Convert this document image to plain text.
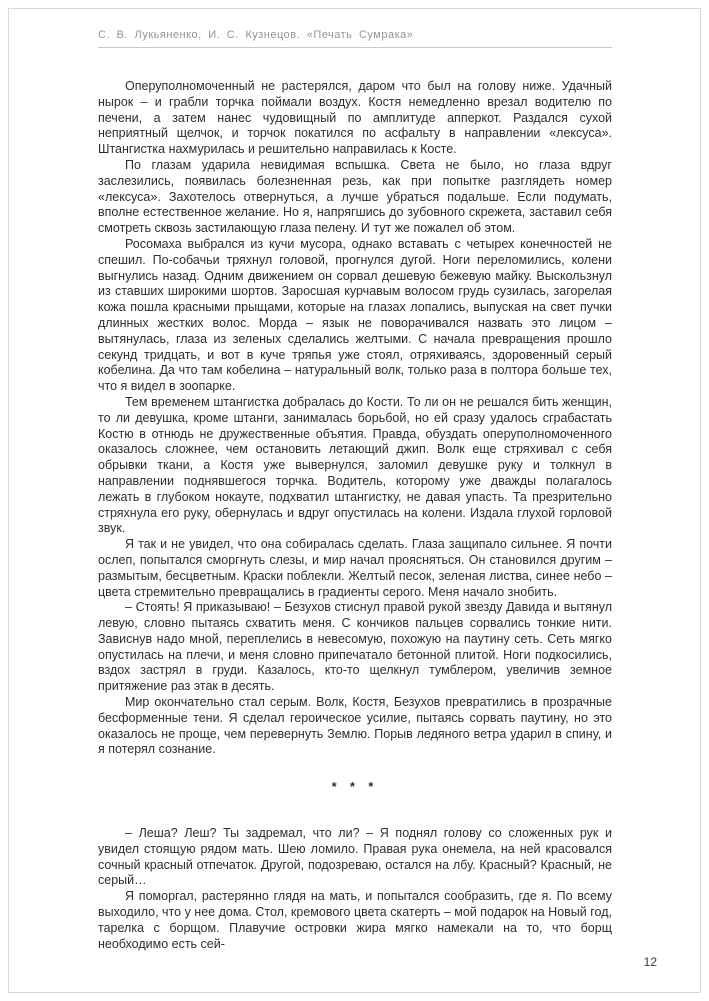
С. В. Лукьяненко, И. С. Кузнецов. «Печать Сумрака»

Оперуполномоченный не растерялся, даром что был на голову ниже. Удачный нырок – и грабли торчка поймали воздух. Костя немедленно врезал водителю по печени, а затем нанес чудовищный по амплитуде апперкот. Раздался сухой неприятный щелчок, и торчок покатился по асфальту в направлении «лексуса». Штангистка нахмурилась и решительно направилась к Косте.

По глазам ударила невидимая вспышка. Света не было, но глаза вдруг заслезились, появилась болезненная резь, как при попытке разглядеть номер «лексуса». Захотелось отвернуться, а лучше убраться подальше. Если подумать, вполне естественное желание. Но я, напрягшись до зубовного скрежета, заставил себя смотреть сквозь застилающую глаза пелену. И тут же пожалел об этом.

Росомаха выбрался из кучи мусора, однако вставать с четырех конечностей не спешил. По-собачьи тряхнул головой, прогнулся дугой. Ноги переломились, колени выгнулись назад. Одним движением он сорвал дешевую бежевую майку. Выскользнул из ставших широкими шортов. Заросшая курчавым волосом грудь сузилась, загорелая кожа пошла красными прыщами, которые на глазах лопались, выпуская на свет пучки длинных жестких волос. Морда – язык не поворачивался назвать это лицом – вытянулась, глаза из зеленых сделались желтыми. С начала превращения прошло секунд тридцать, и вот в куче тряпья уже стоял, отряхиваясь, здоровенный серый кобелина. Да что там кобелина – натуральный волк, только раза в полтора больше тех, что я видел в зоопарке.

Тем временем штангистка добралась до Кости. То ли он не решался бить женщин, то ли девушка, кроме штанги, занималась борьбой, но ей сразу удалось сграбастать Костю в отнюдь не дружественные объятия. Правда, обуздать оперуполномоченного оказалось сложнее, чем остановить летающий джип. Волк еще стряхивал с себя обрывки ткани, а Костя уже вывернулся, заломил девушке руку и толкнул в направлении поднявшегося торчка. Водитель, которому уже дважды полагалось лежать в глубоком нокауте, подхватил штангистку, не давая упасть. Та презрительно стряхнула его руку, обернулась и вдруг опустилась на колени. Издала глухой горловой звук.

Я так и не увидел, что она собиралась сделать. Глаза защипало сильнее. Я почти ослеп, попытался сморгнуть слезы, и мир начал проясняться. Он становился другим – размытым, бесцветным. Краски поблекли. Желтый песок, зеленая листва, синее небо – цвета стремительно превращались в градиенты серого. Меня начало знобить.

– Стоять! Я приказываю! – Безухов стиснул правой рукой звезду Давида и вытянул левую, словно пытаясь схватить меня. С кончиков пальцев сорвались тонкие нити. Зависнув надо мной, переплелись в невесомую, похожую на паутину сеть. Сеть мягко опустилась на плечи, и меня словно припечатало бетонной плитой. Ноги подкосились, вздох застрял в груди. Казалось, кто-то щелкнул тумблером, увеличив земное притяжение раз этак в десять.

Мир окончательно стал серым. Волк, Костя, Безухов превратились в прозрачные бесформенные тени. Я сделал героическое усилие, пытаясь сорвать паутину, но это оказалось не проще, чем перевернуть Землю. Порыв ледяного ветра ударил в спину, и я потерял сознание.

* * *

– Леша? Леш? Ты задремал, что ли? – Я поднял голову со сложенных рук и увидел стоящую рядом мать. Шею ломило. Правая рука онемела, на ней красовался сочный красный отпечаток. Другой, подозреваю, остался на лбу. Красный? Красный, не серый…

Я поморгал, растерянно глядя на мать, и попытался сообразить, где я. По всему выходило, что у нее дома. Стол, кремового цвета скатерть – мой подарок на Новый год, тарелка с борщом. Плавучие островки жира мягко намекали на то, что борщ необходимо есть сей-

12
